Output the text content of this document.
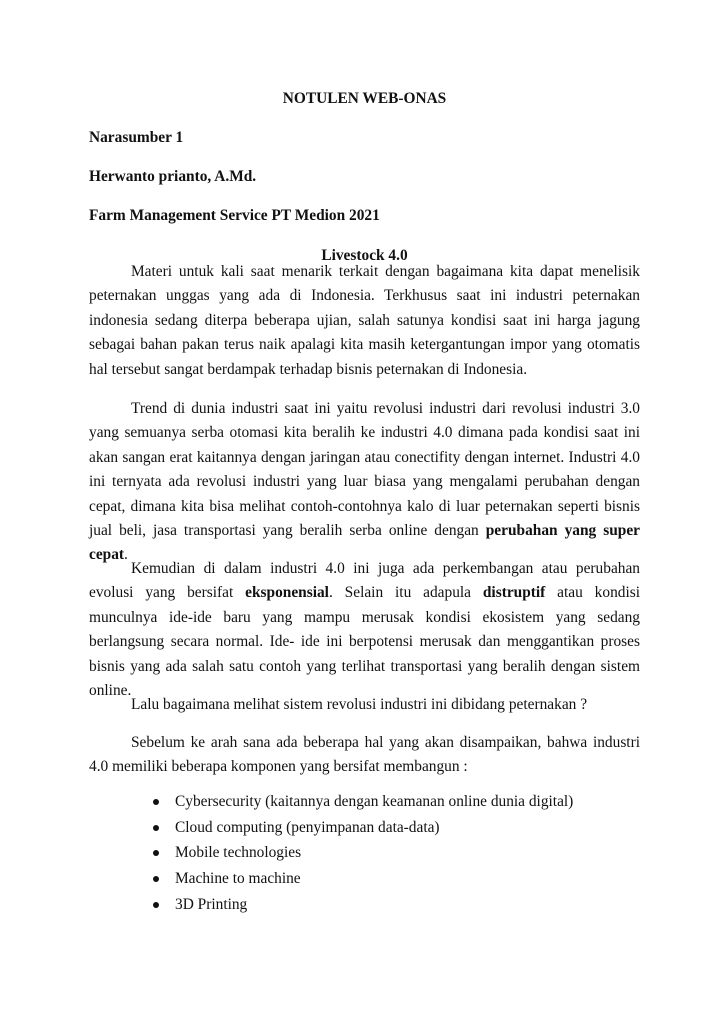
NOTULEN WEB-ONAS
Narasumber 1
Herwanto prianto, A.Md.
Farm Management Service PT Medion 2021
Livestock 4.0

Materi untuk kali saat menarik terkait dengan bagaimana kita dapat menelisik peternakan unggas yang ada di Indonesia. Terkhusus saat ini industri peternakan indonesia sedang diterpa beberapa ujian, salah satunya kondisi saat ini harga jagung sebagai bahan pakan terus naik apalagi kita masih ketergantungan impor yang otomatis hal tersebut sangat berdampak terhadap bisnis peternakan di Indonesia.

Trend di dunia industri saat ini yaitu revolusi industri dari revolusi industri 3.0 yang semuanya serba otomasi kita beralih ke industri 4.0 dimana pada kondisi saat ini akan sangan erat kaitannya dengan jaringan atau conectifity dengan internet. Industri 4.0 ini ternyata ada revolusi industri yang luar biasa yang mengalami perubahan dengan cepat, dimana kita bisa melihat contoh-contohnya kalo di luar peternakan seperti bisnis jual beli, jasa transportasi yang beralih serba online dengan perubahan yang super cepat.

Kemudian di dalam industri 4.0 ini juga ada perkembangan atau perubahan evolusi yang bersifat eksponensial. Selain itu adapula distruptif atau kondisi munculnya ide-ide baru yang mampu merusak kondisi ekosistem yang sedang berlangsung secara normal. Ide- ide ini berpotensi merusak dan menggantikan proses bisnis yang ada salah satu contoh yang terlihat transportasi yang beralih dengan sistem online.

Lalu bagaimana melihat sistem revolusi industri ini dibidang peternakan ?

Sebelum ke arah sana ada beberapa hal yang akan disampaikan, bahwa industri 4.0 memiliki beberapa komponen yang bersifat membangun :

Cybersecurity (kaitannya dengan keamanan online dunia digital)
Cloud computing (penyimpanan data-data)
Mobile technologies
Machine to machine
3D Printing
